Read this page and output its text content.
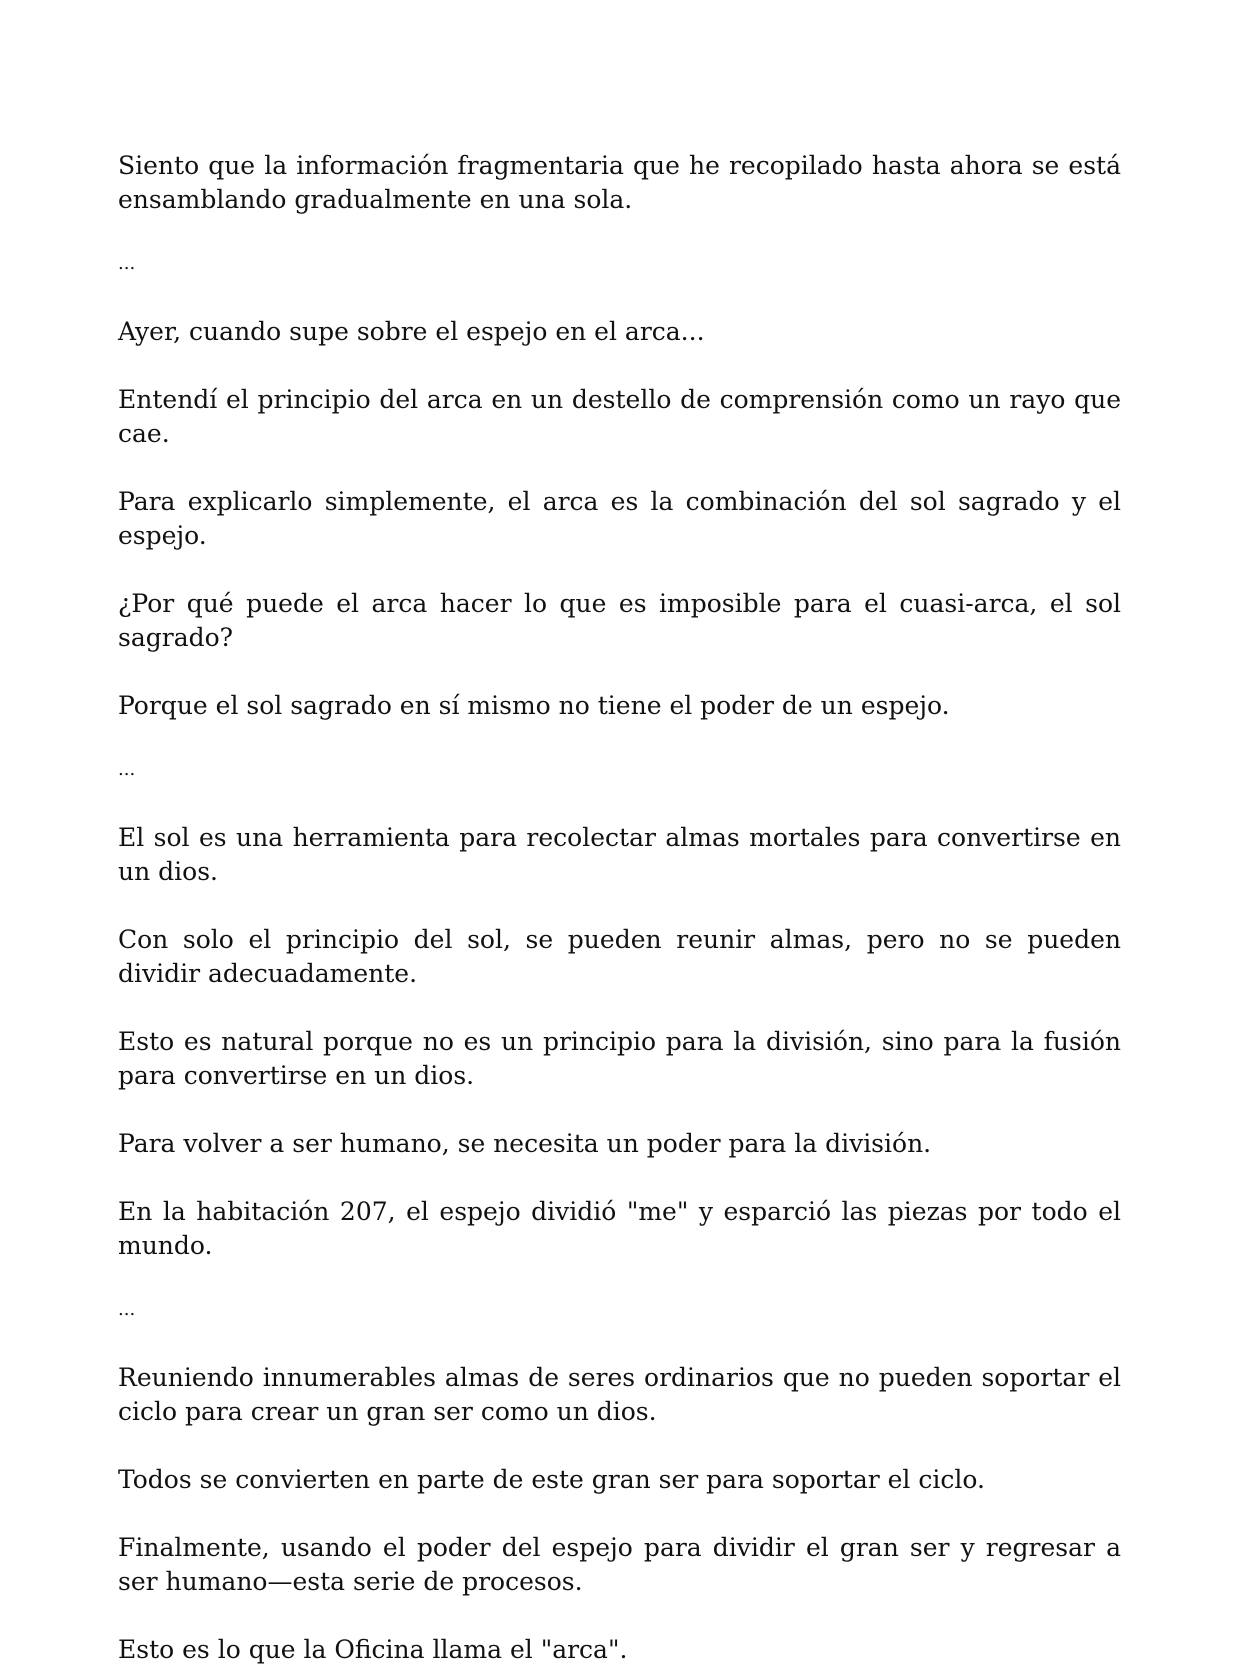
Siento que la información fragmentaria que he recopilado hasta ahora se está ensamblando gradualmente en una sola.

...

Ayer, cuando supe sobre el espejo en el arca...

Entendí el principio del arca en un destello de comprensión como un rayo que cae.

Para explicarlo simplemente, el arca es la combinación del sol sagrado y el espejo.

¿Por qué puede el arca hacer lo que es imposible para el cuasi-arca, el sol sagrado?

Porque el sol sagrado en sí mismo no tiene el poder de un espejo.

...

El sol es una herramienta para recolectar almas mortales para convertirse en un dios.

Con solo el principio del sol, se pueden reunir almas, pero no se pueden dividir adecuadamente.

Esto es natural porque no es un principio para la división, sino para la fusión para convertirse en un dios.

Para volver a ser humano, se necesita un poder para la división.

En la habitación 207, el espejo dividió "me" y esparció las piezas por todo el mundo.

...

Reuniendo innumerables almas de seres ordinarios que no pueden soportar el ciclo para crear un gran ser como un dios.

Todos se convierten en parte de este gran ser para soportar el ciclo.

Finalmente, usando el poder del espejo para dividir el gran ser y regresar a ser humano—esta serie de procesos.

Esto es lo que la Oficina llama el "arca".
